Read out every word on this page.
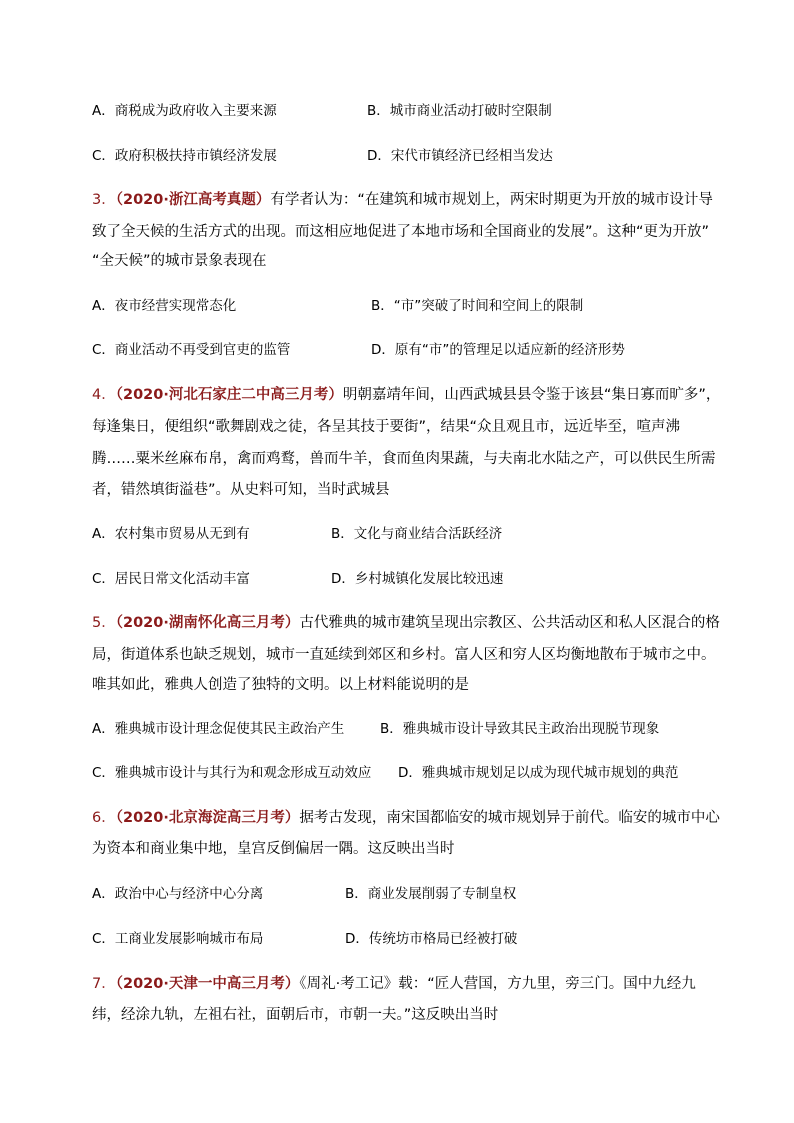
A．商税成为政府收入主要来源	B．城市商业活动打破时空限制
C．政府积极扶持市镇经济发展	D．宋代市镇经济已经相当发达
3．（2020·浙江高考真题）有学者认为：“在建筑和城市规划上，两宋时期更为开放的城市设计导
致了全天候的生活方式的出现。而这相应地促进了本地市场和全国商业的发展”。这种“更为开放”
“全天候”的城市景象表现在
A．夜市经营实现常态化	B．“市”突破了时间和空间上的限制
C．商业活动不再受到官吏的监管	D．原有“市”的管理足以适应新的经济形势
4．（2020·河北石家庄二中高三月考）明朝嘉靖年间，山西武城县县令鉴于该县“集日寡而旷多”，
每逢集日，便组织“歌舞剧戏之徒，各呈其技于要街”，结果“众且观且市，远近毕至，喧声沸
腾……粟米丝麻布帛，禽而鸡鹜，兽而牛羊，食而鱼肉果蔬，与夫南北水陆之产，可以供民生所需
者，错然填街溢巷”。从史料可知，当时武城县
A．农村集市贸易从无到有	B．文化与商业结合活跃经济
C．居民日常文化活动丰富	D．乡村城镇化发展比较迅速
5．（2020·湖南怀化高三月考）古代雅典的城市建筑呈现出宗教区、公共活动区和私人区混合的格
局，街道体系也缺乏规划，城市一直延续到郊区和乡村。富人区和穷人区均衡地散布于城市之中。
唯其如此，雅典人创造了独特的文明。以上材料能说明的是
A．雅典城市设计理念促使其民主政治产生	B．雅典城市设计导致其民主政治出现脱节现象
C．雅典城市设计与其行为和观念形成互动效应 D．雅典城市规划足以成为现代城市规划的典范
6．（2020·北京海淀高三月考）据考古发现，南宋国都临安的城市规划异于前代。临安的城市中心
为资本和商业集中地，皇宫反倒偏居一隅。这反映出当时
A．政治中心与经济中心分离	B．商业发展削弱了专制皇权
C．工商业发展影响城市布局	D．传统坊市格局已经被打破
7．（2020·天津一中高三月考）《周礼·考工记》载：“匠人营国，方九里，旁三门。国中九经九
纬，经涂九轨，左祖右社，面朝后市，市朝一夫。”这反映出当时
